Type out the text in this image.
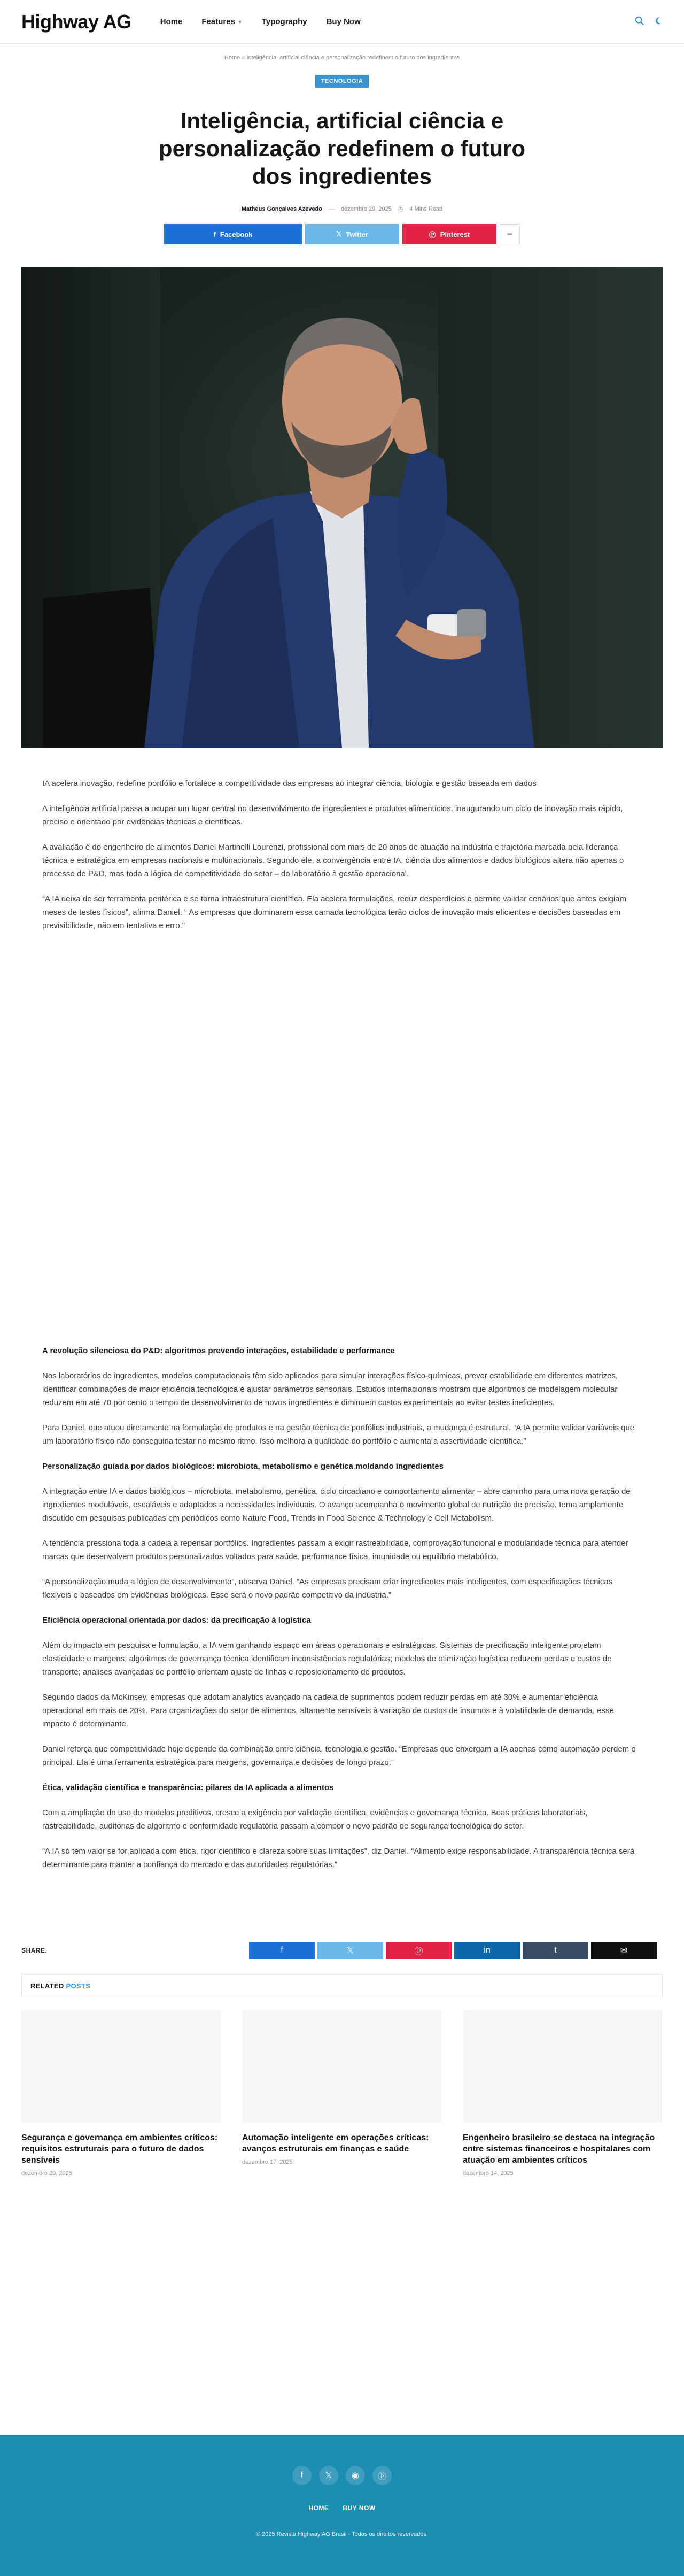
Highway AG	Home Features ▼ Typography Buy Now
Home » Inteligência, artificial ciência e personalização redefinem o futuro dos ingredientes
TECNOLOGIA
Inteligência, artificial ciência e personalização redefinem o futuro dos ingredientes
Matheus Gonçalves Azevedo — dezembro 29, 2025 ◷ 4 Mins Read
f Facebook	𝕏 Twitter	Ⓟ Pinterest	➦

IA acelera inovação, redefine portfólio e fortalece a competitividade das empresas ao integrar ciência, biologia e gestão baseada em dados

A inteligência artificial passa a ocupar um lugar central no desenvolvimento de ingredientes e produtos alimentícios, inaugurando um ciclo de inovação mais rápido, preciso e orientado por evidências técnicas e científicas.

A avaliação é do engenheiro de alimentos Daniel Martinelli Lourenzi, profissional com mais de 20 anos de atuação na indústria e trajetória marcada pela liderança técnica e estratégica em empresas nacionais e multinacionais. Segundo ele, a convergência entre IA, ciência dos alimentos e dados biológicos altera não apenas o processo de P&D, mas toda a lógica de competitividade do setor – do laboratório à gestão operacional.

“A IA deixa de ser ferramenta periférica e se torna infraestrutura científica. Ela acelera formulações, reduz desperdícios e permite validar cenários que antes exigiam meses de testes físicos”, afirma Daniel. “ As empresas que dominarem essa camada tecnológica terão ciclos de inovação mais eficientes e decisões baseadas em previsibilidade, não em tentativa e erro.”

A revolução silenciosa do P&D: algoritmos prevendo interações, estabilidade e performance

Nos laboratórios de ingredientes, modelos computacionais têm sido aplicados para simular interações físico-químicas, prever estabilidade em diferentes matrizes, identificar combinações de maior eficiência tecnológica e ajustar parâmetros sensoriais. Estudos internacionais mostram que algoritmos de modelagem molecular reduzem em até 70 por cento o tempo de desenvolvimento de novos ingredientes e diminuem custos experimentais ao evitar testes ineficientes.

Para Daniel, que atuou diretamente na formulação de produtos e na gestão técnica de portfólios industriais, a mudança é estrutural. “A IA permite validar variáveis que um laboratório físico não conseguiria testar no mesmo ritmo. Isso melhora a qualidade do portfólio e aumenta a assertividade científica.”

Personalização guiada por dados biológicos: microbiota, metabolismo e genética moldando ingredientes

A integração entre IA e dados biológicos – microbiota, metabolismo, genética, ciclo circadiano e comportamento alimentar – abre caminho para uma nova geração de ingredientes moduláveis, escaláveis e adaptados a necessidades individuais. O avanço acompanha o movimento global de nutrição de precisão, tema amplamente discutido em pesquisas publicadas em periódicos como Nature Food, Trends in Food Science & Technology e Cell Metabolism.

A tendência pressiona toda a cadeia a repensar portfólios. Ingredientes passam a exigir rastreabilidade, comprovação funcional e modularidade técnica para atender marcas que desenvolvem produtos personalizados voltados para saúde, performance física, imunidade ou equilíbrio metabólico.

“A personalização muda a lógica de desenvolvimento”, observa Daniel. “As empresas precisam criar ingredientes mais inteligentes, com especificações técnicas flexíveis e baseados em evidências biológicas. Esse será o novo padrão competitivo da indústria.”

Eficiência operacional orientada por dados: da precificação à logística

Além do impacto em pesquisa e formulação, a IA vem ganhando espaço em áreas operacionais e estratégicas. Sistemas de precificação inteligente projetam elasticidade e margens; algoritmos de governança técnica identificam inconsistências regulatórias; modelos de otimização logística reduzem perdas e custos de transporte; análises avançadas de portfólio orientam ajuste de linhas e reposicionamento de produtos.

Segundo dados da McKinsey, empresas que adotam analytics avançado na cadeia de suprimentos podem reduzir perdas em até 30% e aumentar eficiência operacional em mais de 20%. Para organizações do setor de alimentos, altamente sensíveis à variação de custos de insumos e à volatilidade de demanda, esse impacto é determinante.

Daniel reforça que competitividade hoje depende da combinação entre ciência, tecnologia e gestão. “Empresas que enxergam a IA apenas como automação perdem o principal. Ela é uma ferramenta estratégica para margens, governança e decisões de longo prazo.”

Ética, validação científica e transparência: pilares da IA aplicada a alimentos

Com a ampliação do uso de modelos preditivos, cresce a exigência por validação científica, evidências e governança técnica. Boas práticas laboratoriais, rastreabilidade, auditorias de algoritmo e conformidade regulatória passam a compor o novo padrão de segurança tecnológica do setor.

“A IA só tem valor se for aplicada com ética, rigor científico e clareza sobre suas limitações”, diz Daniel. “Alimento exige responsabilidade. A transparência técnica será determinante para manter a confiança do mercado e das autoridades regulatórias.”

SHARE.	f	𝕏	Ⓟ	in	t	✉
RELATED POSTS
Segurança e governança em ambientes críticos: requisitos estruturais para o futuro de dados sensíveis
dezembro 29, 2025
Automação inteligente em operações críticas: avanços estruturais em finanças e saúde
dezembro 17, 2025
Engenheiro brasileiro se destaca na integração entre sistemas financeiros e hospitalares com atuação em ambientes críticos
dezembro 14, 2025
f	𝕏	◉	Ⓟ
HOME BUY NOW
© 2025 Revista Highway AG Brasil - Todos os direitos reservados.
